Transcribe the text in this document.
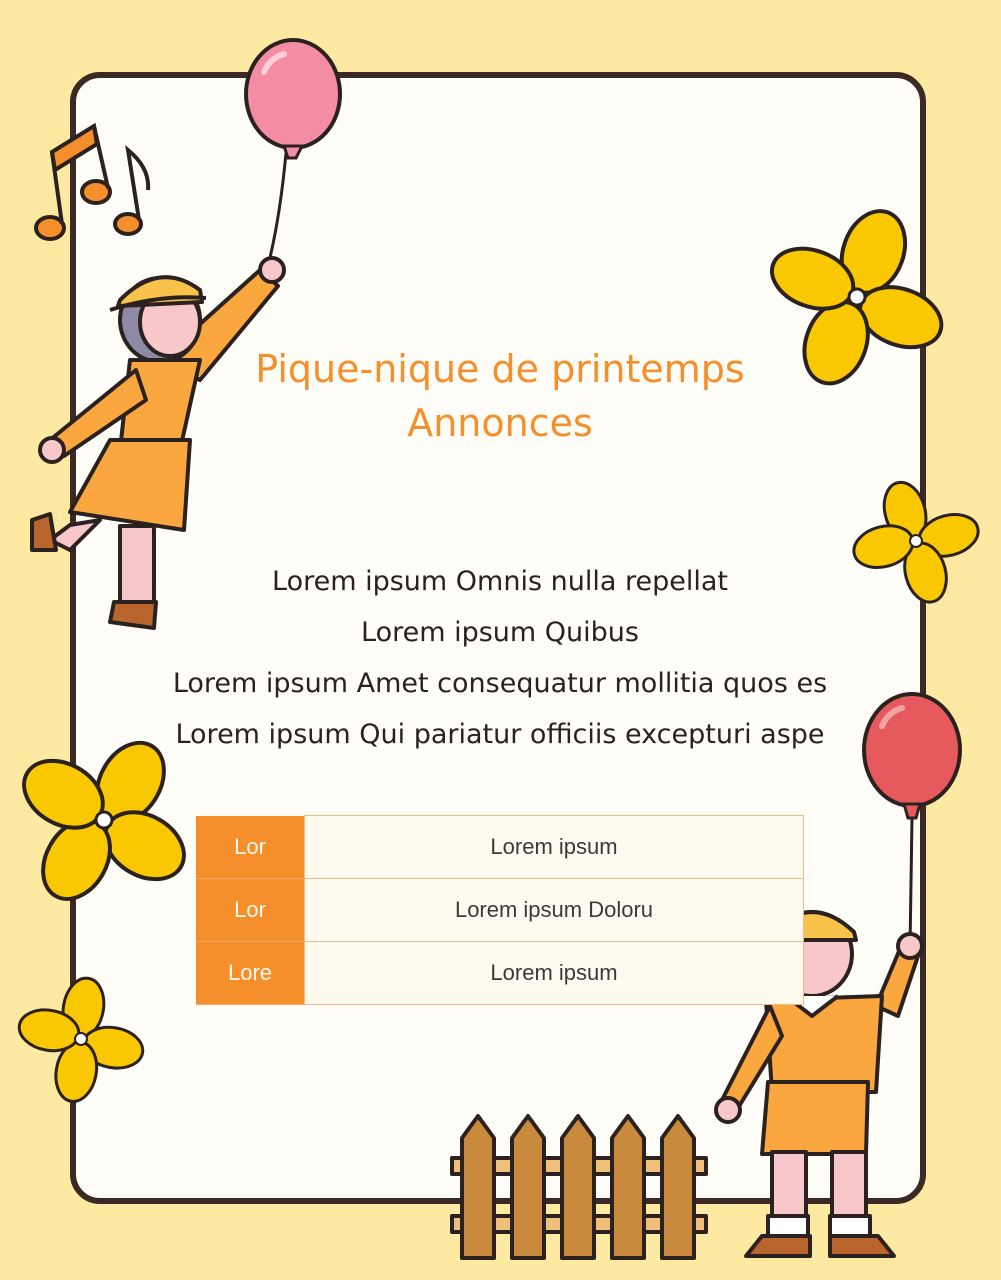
Pique-nique de printemps
Annonces
Lorem ipsum Omnis nulla repellat
Lorem ipsum Quibus
Lorem ipsum Amet consequatur mollitia quos es
Lorem ipsum Qui pariatur officiis excepturi aspe
Lor	Lorem ipsum
Lor	Lorem ipsum Doloru
Lore	Lorem ipsum
